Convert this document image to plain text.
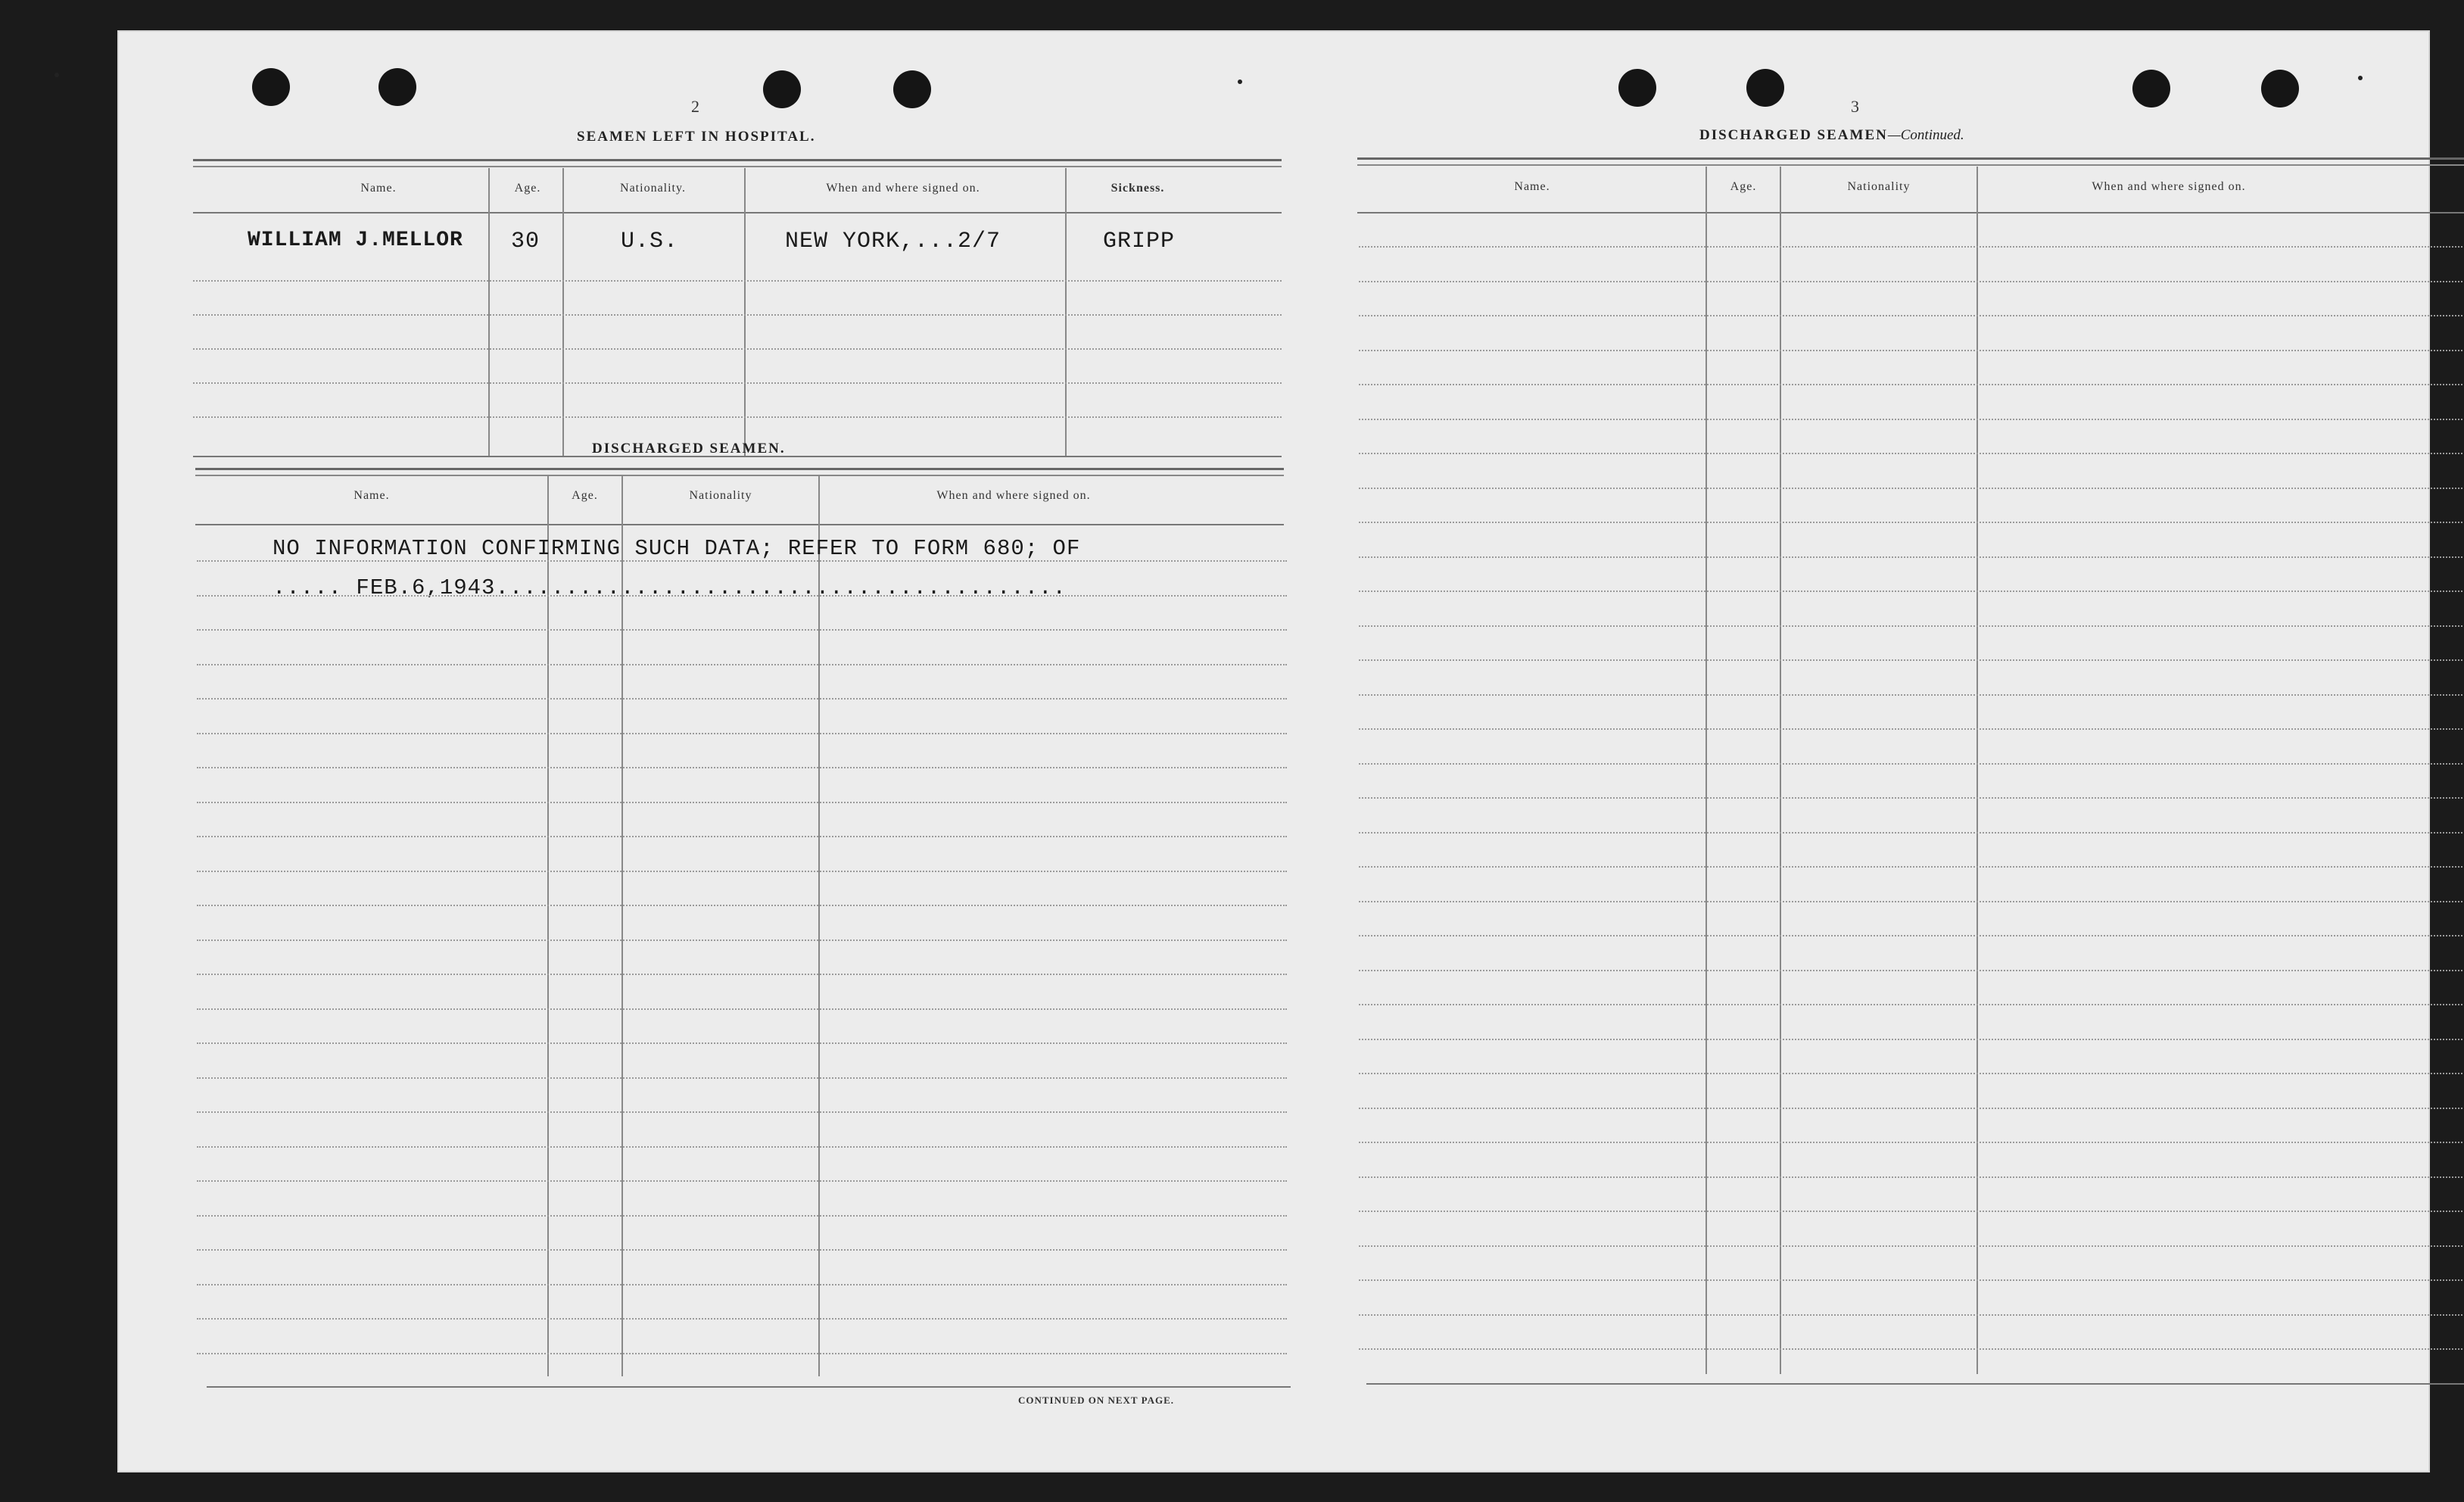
2
SEAMEN LEFT IN HOSPITAL.
Name.	Age.	Nationality.	When and where signed on.	Sickness.
WILLIAM J.MELLOR 30	U.S.	NEW YORK,...2/7	GRIPP
DISCHARGED SEAMEN.
Name.	Age.	Nationality	When and where signed on.
NO INFORMATION CONFIRMING SUCH DATA; REFER TO FORM 680; OF
..... FEB.6,1943.........................................
CONTINUED ON NEXT PAGE.
3
DISCHARGED SEAMEN—Continued.
Name.	Age.	Nationality	When and where signed on.
